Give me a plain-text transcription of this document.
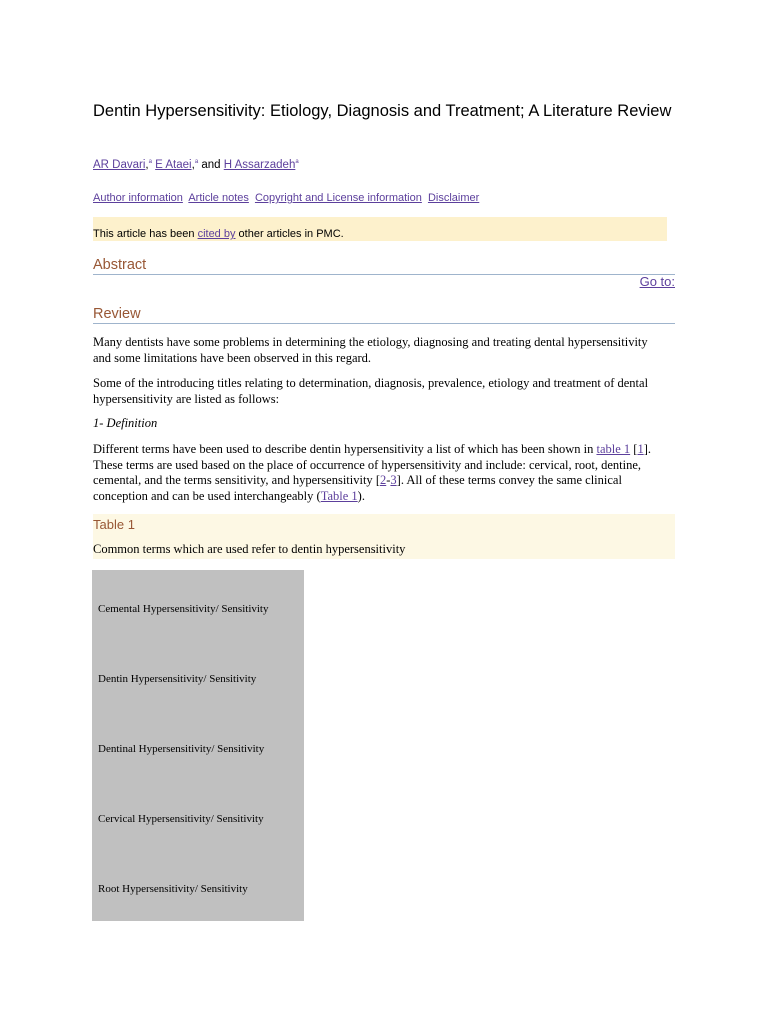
Dentin Hypersensitivity: Etiology, Diagnosis and Treatment; A Literature Review
AR Davari,$^a$ E Ataei,$^a$ and H Assarzadeh$^a$
Author information Article notes Copyright and License information Disclaimer
This article has been cited by other articles in PMC.
Abstract
Go to:
Review

Many dentists have some problems in determining the etiology, diagnosing and treating dental hypersensitivity and some limitations have been observed in this regard.

Some of the introducing titles relating to determination, diagnosis, prevalence, etiology and treatment of dental hypersensitivity are listed as follows:

1- Definition

Different terms have been used to describe dentin hypersensitivity a list of which has been shown in table 1 [1]. These terms are used based on the place of occurrence of hypersensitivity and include: cervical, root, dentine, cemental, and the terms sensitivity, and hypersensitivity [2-3]. All of these terms convey the same clinical conception and can be used interchangeably (Table 1).

Table 1
Common terms which are used refer to dentin hypersensitivity
Cemental Hypersensitivity/ Sensitivity
Dentin Hypersensitivity/ Sensitivity
Dentinal Hypersensitivity/ Sensitivity
Cervical Hypersensitivity/ Sensitivity
Root Hypersensitivity/ Sensitivity
